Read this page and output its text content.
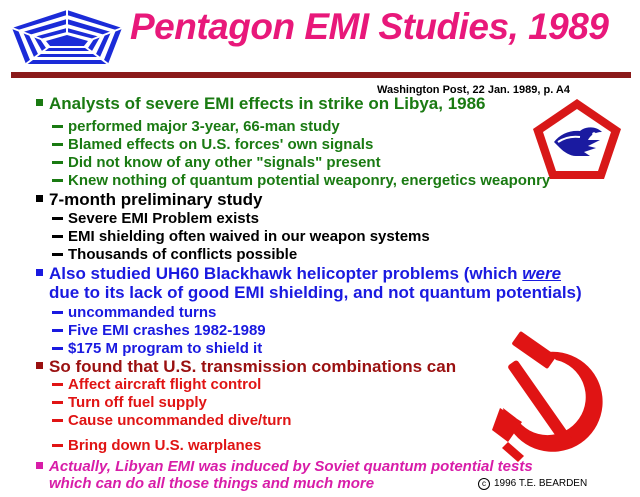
Pentagon EMI Studies, 1989
Washington Post, 22 Jan. 1989, p. A4
Analysts of severe EMI effects in strike on Libya, 1986
performed major 3-year, 66-man study
Blamed effects on U.S. forces' own signals
Did not know of any other "signals" present
Knew nothing of quantum potential weaponry, energetics weaponry
7-month preliminary study
Severe EMI Problem exists
EMI shielding often waived in our weapon systems
Thousands of conflicts possible
Also studied UH60 Blackhawk helicopter problems (which were
due to its lack of good EMI shielding, and not quantum potentials)
uncommanded turns
Five EMI crashes 1982-1989
$175 M program to shield it
So found that U.S. transmission combinations can
Affect aircraft flight control
Turn off fuel supply
Cause uncommanded dive/turn
Bring down U.S. warplanes
Actually, Libyan EMI was induced by Soviet quantum potential tests
which can do all those things and much more	c 1996 T.E. BEARDEN
